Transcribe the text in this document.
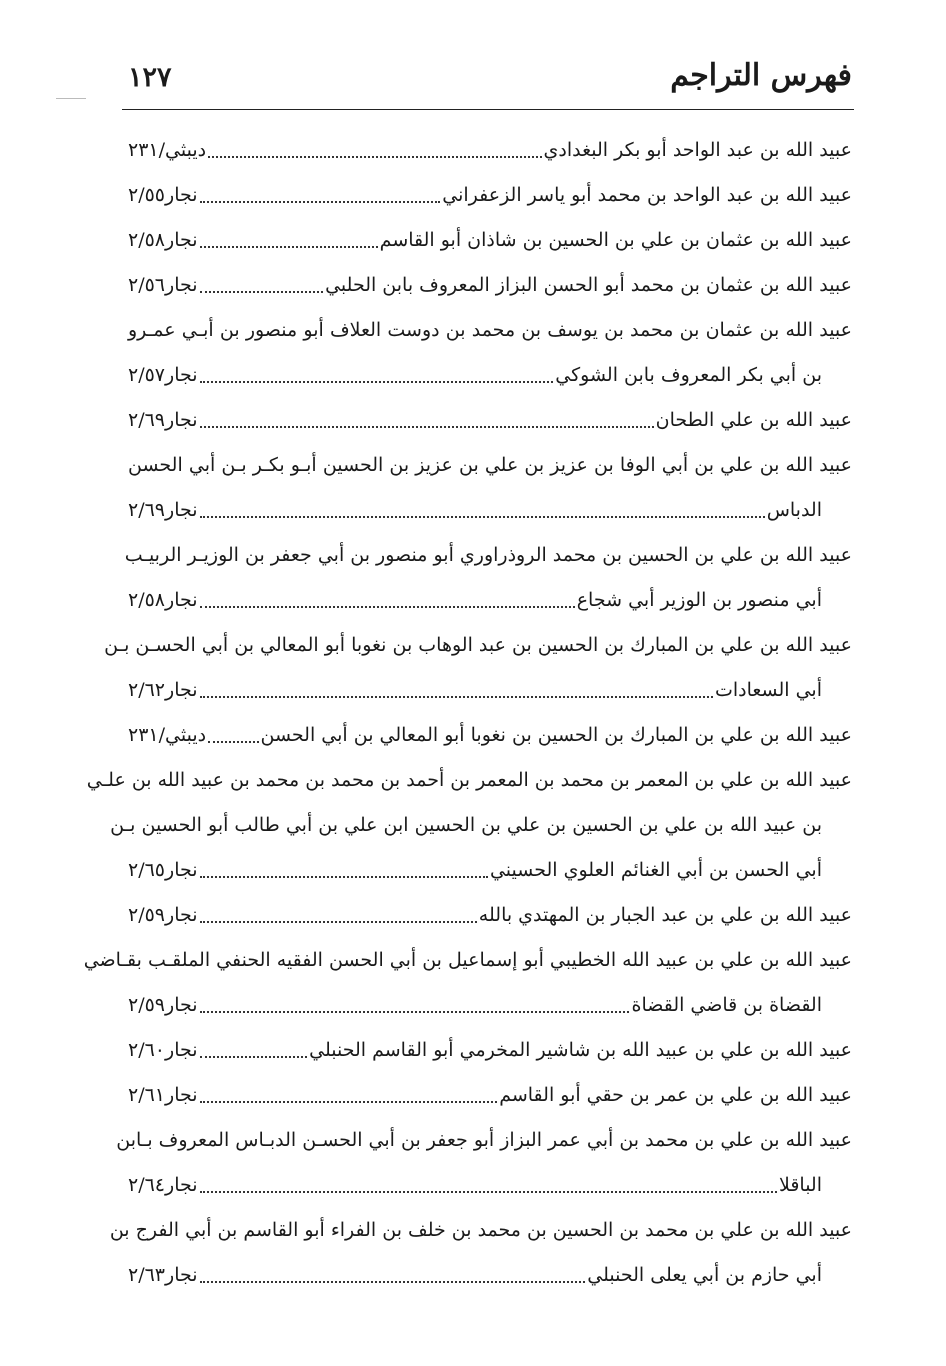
١٢٧	فهرس التراجم
عبيد الله بن عبد الواحد أبو بكر البغدادي
ديبثي/٢٣١
عبيد الله بن عبد الواحد بن محمد أبو ياسر الزعفراني
نجار٢/٥٥
عبيد الله بن عثمان بن علي بن الحسين بن شاذان أبو القاسم
نجار٢/٥٨
عبيد الله بن عثمان بن محمد أبو الحسن البزاز المعروف بابن الحلبي
نجار٢/٥٦
عبيد الله بن عثمان بن محمد بن يوسف بن محمد بن دوست العلاف أبو منصور بن أبـي عمـرو
بن أبي بكر المعروف بابن الشوكي
نجار٢/٥٧
عبيد الله بن علي الطحان
نجار٢/٦٩
عبيد الله بن علي بن أبي الوفا بن عزيز بن علي بن عزيز بن الحسين أبـو بكـر بـن أبي الحسن
الدباس
نجار٢/٦٩
عبيد الله بن علي بن الحسين بن محمد الروذراوري أبو منصور بن أبي جعفر بن الوزيـر الربيـب
أبي منصور بن الوزير أبي شجاع
نجار٢/٥٨
عبيد الله بن علي بن المبارك بن الحسين بن عبد الوهاب بن نغوبا أبو المعالي بن أبي الحسـن بـن
أبي السعادات
نجار٢/٦٢
عبيد الله بن علي بن المبارك بن الحسين بن نغوبا أبو المعالي بن أبي الحسن
ديبثي/٢٣١
عبيد الله بن علي بن المعمر بن محمد بن المعمر بن أحمد بن محمد بن محمد بن عبيد الله بن علـي
بن عبيد الله بن علي بن الحسين بن علي بن الحسين ابن علي بن أبي طالب أبو الحسين بـن
أبي الحسن بن أبي الغنائم العلوي الحسيني
نجار٢/٦٥
عبيد الله بن علي بن عبد الجبار بن المهتدي بالله
نجار٢/٥٩
عبيد الله بن علي بن عبيد الله الخطيبي أبو إسماعيل بن أبي الحسن الفقيه الحنفي الملقـب بقـاضي
القضاة بن قاضي القضاة
نجار٢/٥٩
عبيد الله بن علي بن عبيد الله بن شاشير المخرمي أبو القاسم الحنبلي
نجار٢/٦٠
عبيد الله بن علي بن عمر بن حقي أبو القاسم
نجار٢/٦١
عبيد الله بن علي بن محمد بن أبي عمر البزاز أبو جعفر بن أبي الحسـن الدبـاس المعروف بـابن
الباقلا
نجار٢/٦٤
عبيد الله بن علي بن محمد بن الحسين بن محمد بن خلف بن الفراء أبو القاسم بن أبي الفرج بن
أبي حازم بن أبي يعلى الحنبلي
نجار٢/٦٣
